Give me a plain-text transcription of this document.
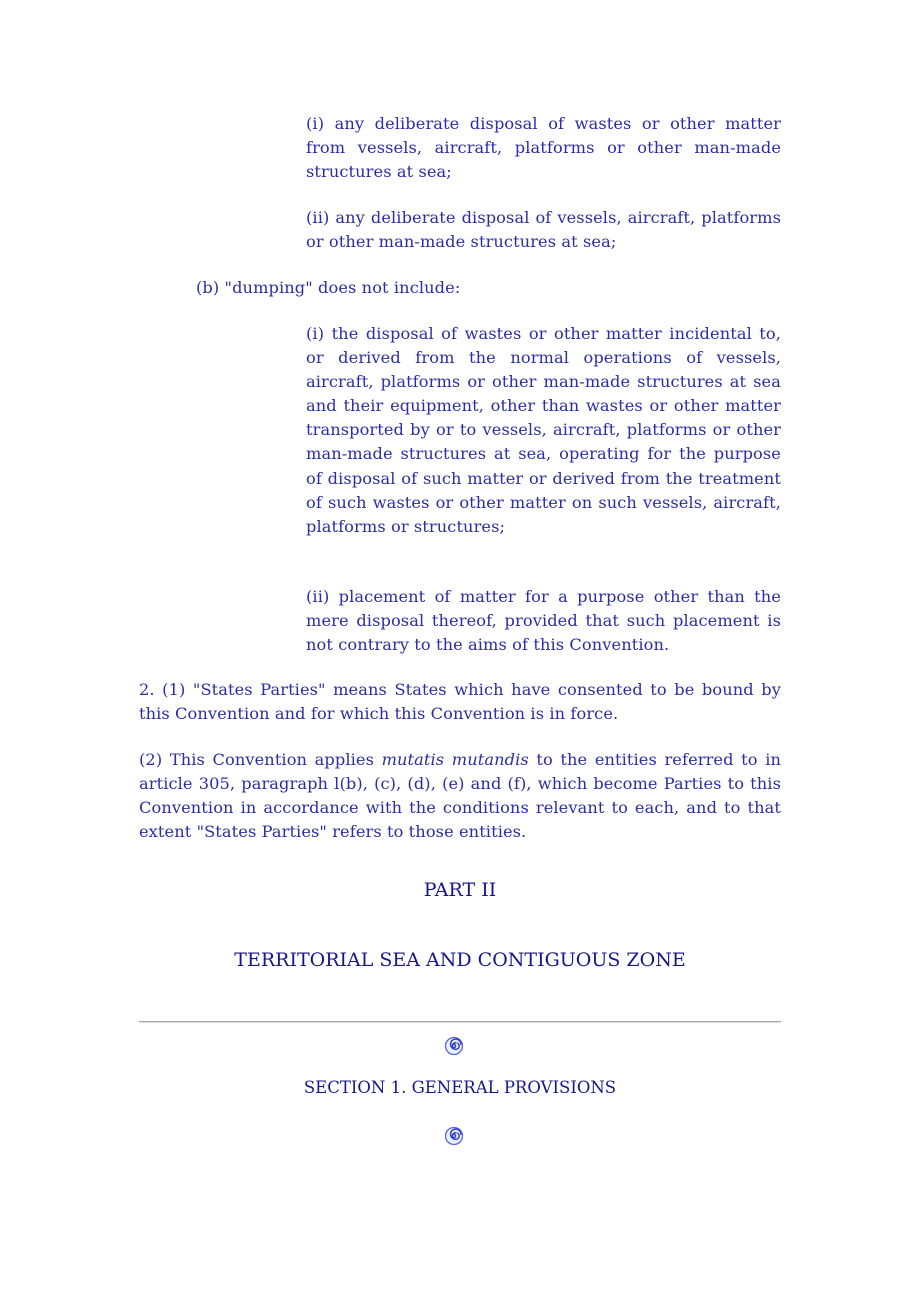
(i) any deliberate disposal of wastes or other matter from vessels, aircraft, platforms or other man-made structures at sea;

(ii) any deliberate disposal of vessels, aircraft, platforms or other man-made structures at sea;

(b) "dumping" does not include:

(i) the disposal of wastes or other matter incidental to, or derived from the normal operations of vessels, aircraft, platforms or other man-made structures at sea and their equipment, other than wastes or other matter transported by or to vessels, aircraft, platforms or other man-made structures at sea, operating for the purpose of disposal of such matter or derived from the treatment of such wastes or other matter on such vessels, aircraft, platforms or structures;

(ii) placement of matter for a purpose other than the mere disposal thereof, provided that such placement is not contrary to the aims of this Convention.

2. (1) "States Parties" means States which have consented to be bound by this Convention and for which this Convention is in force.

(2) This Convention applies mutatis mutandis to the entities referred to in article 305, paragraph l(b), (c), (d), (e) and (f), which become Parties to this Convention in accordance with the conditions relevant to each, and to that extent "States Parties" refers to those entities.

PART II
TERRITORIAL SEA AND CONTIGUOUS ZONE
SECTION 1. GENERAL PROVISIONS
